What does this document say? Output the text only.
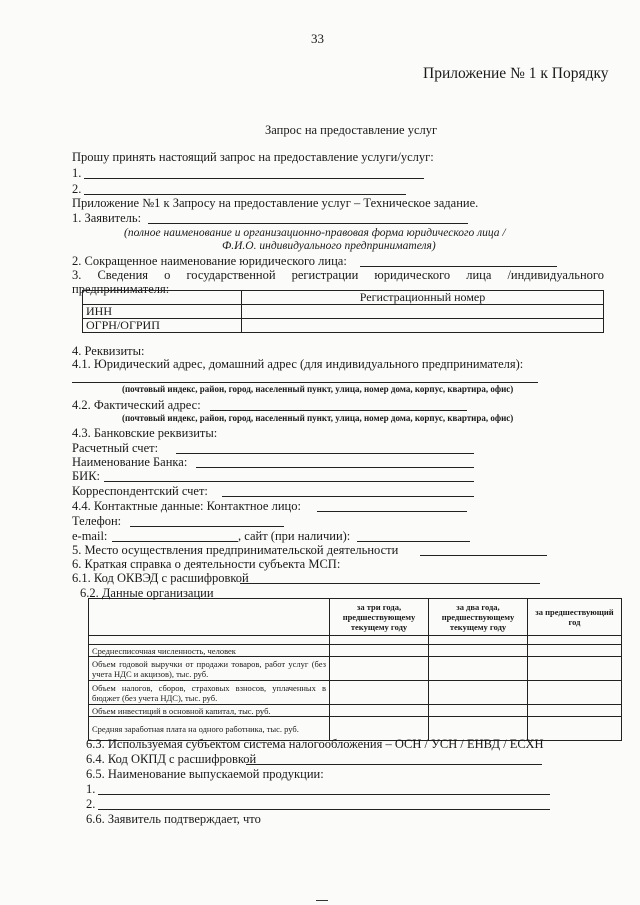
33
Приложение № 1 к Порядку
Запрос на предоставление услуг
Прошу принять настоящий запрос на предоставление услуги/услуг:
1.
2.
Приложение №1 к Запросу на предоставление услуг – Техническое задание.
1. Заявитель:
(полное наименование и организационно-правовая форма юридического лица /
Ф.И.О. индивидуального предпринимателя)
2. Сокращенное наименование юридического лица:
3. Сведения о государственной регистрации юридического лица /индивидуального
предпринимателя:
	Регистрационный номер
ИНН	
ОГРН/ОГРИП	
4. Реквизиты:
4.1. Юридический адрес, домашний адрес (для индивидуального предпринимателя):
(почтовый индекс, район, город, населенный пункт, улица, номер дома, корпус, квартира, офис)
4.2. Фактический адрес:
(почтовый индекс, район, город, населенный пункт, улица, номер дома, корпус, квартира, офис)
4.3. Банковские реквизиты:
Расчетный счет:
Наименование Банка:
БИК:
Корреспондентский счет:
4.4. Контактные данные: Контактное лицо:
Телефон:
e-mail:	, сайт (при наличии):
5. Место осуществления предпринимательской деятельности
6. Краткая справка о деятельности субъекта МСП:
6.1. Код ОКВЭД с расшифровкой
6.2. Данные организации
	за три года, предшествующему текущему году	за два года, предшествующему текущему году	за предшествующий год

Среднесписочная численность, человек			
Объем годовой выручки от продажи товаров, работ услуг (без учета НДС и акцизов), тыс. руб.			
Объем налогов, сборов, страховых взносов, уплаченных в бюджет (без учета НДС), тыс. руб.			
Объем инвестиций в основной капитал, тыс. руб.			
Средняя заработная плата на одного работника, тыс. руб.			
6.3. Используемая субъектом система налогообложения – ОСН / УСН / ЕНВД / ЕСХН
6.4. Код ОКПД с расшифровкой
6.5. Наименование выпускаемой продукции:
1.
2.
6.6. Заявитель подтверждает, что
